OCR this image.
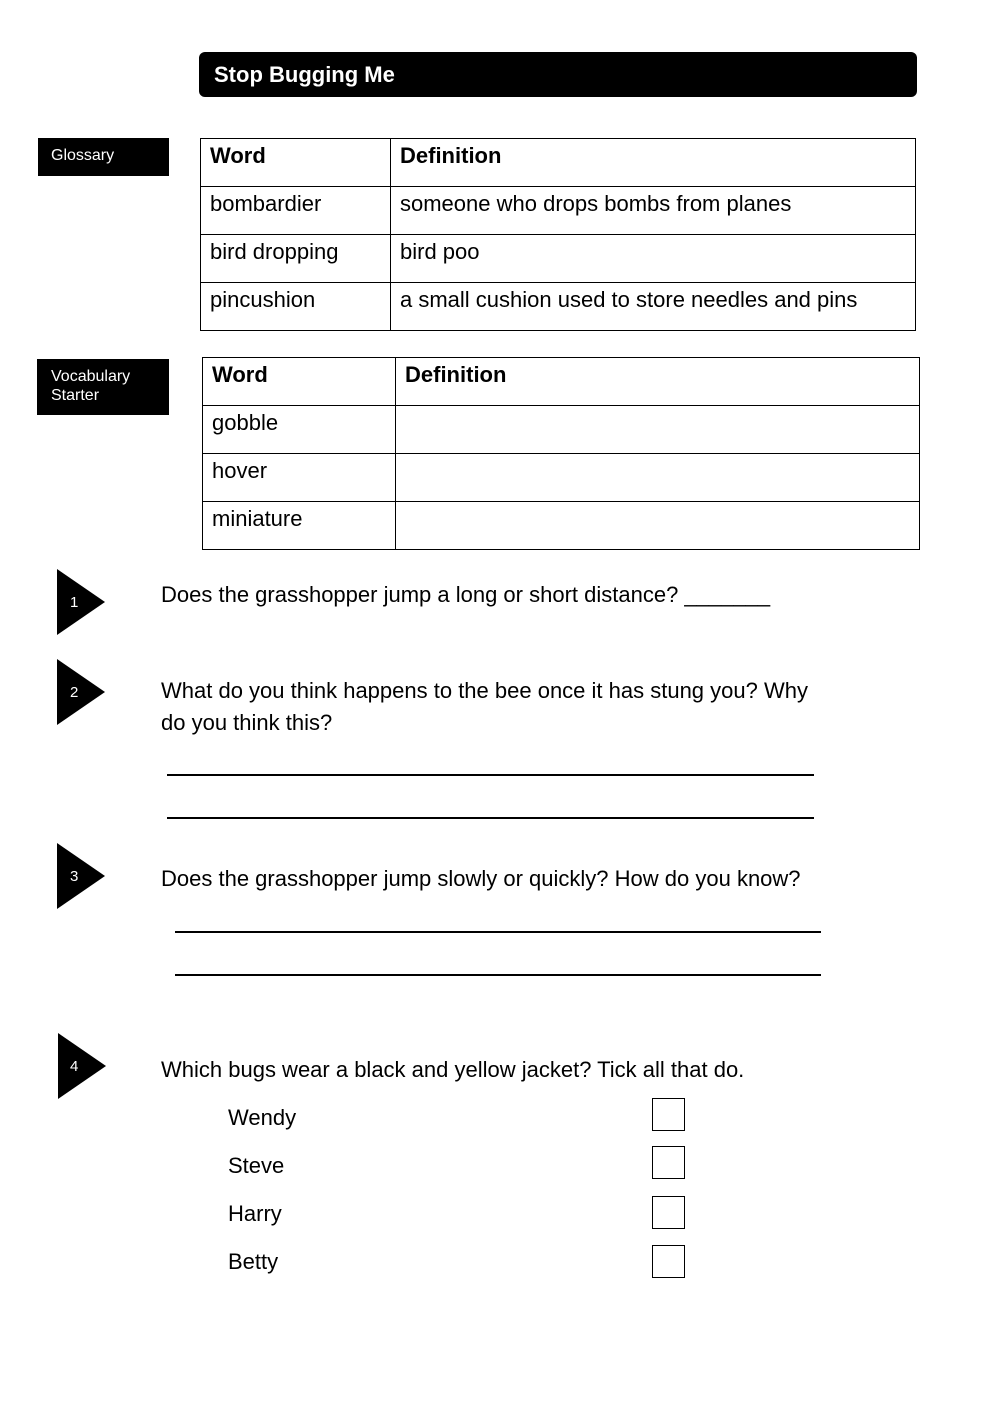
Stop Bugging Me
Glossary	Word	Definition
bombardier	someone who drops bombs from planes
bird dropping	bird poo
pincushion	a small cushion used to store needles and pins
Vocabulary
Starter
Word	Definition
gobble	
hover	
miniature	
1	Does the grasshopper jump a long or short distance? _______
2	What do you think happens to the bee once it has stung you? Why
do you think this?
3	Does the grasshopper jump slowly or quickly? How do you know?
4	Which bugs wear a black and yellow jacket? Tick all that do.
Wendy
Steve
Harry
Betty
